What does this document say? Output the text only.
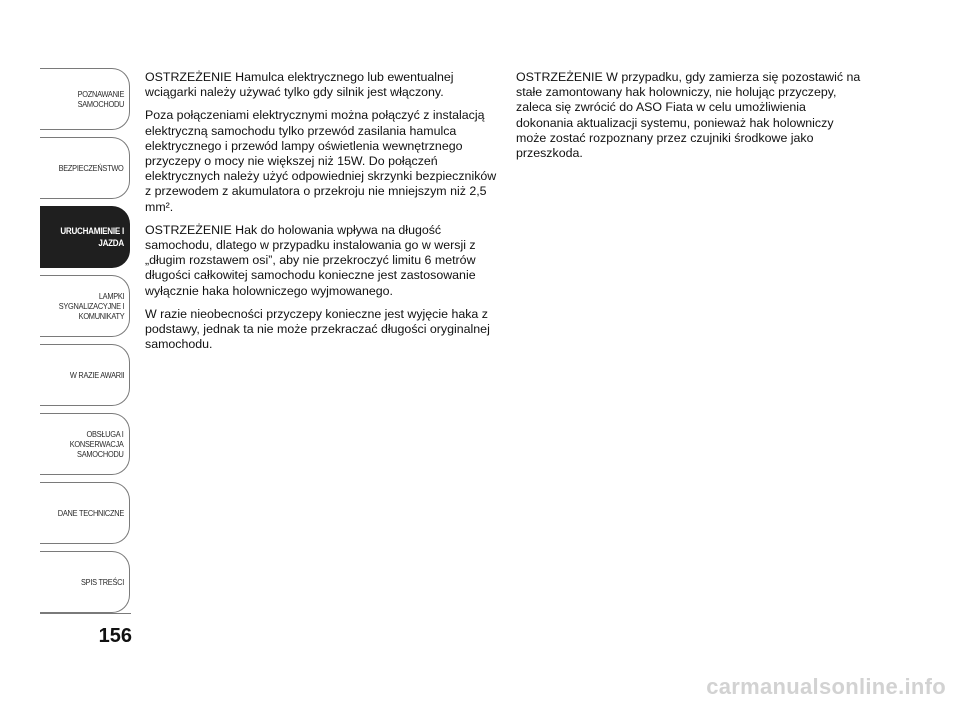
POZNAWANIE
SAMOCHODU
BEZPIECZEŃSTWO
URUCHAMIENIE I
JAZDA
LAMPKI
SYGNALIZACYJNE I
KOMUNIKATY
W RAZIE AWARII
OBSŁUGA I
KONSERWACJA
SAMOCHODU
DANE TECHNICZNE
SPIS TREŚCI
156

OSTRZEŻENIE Hamulca elektrycznego lub ewentualnej wciągarki należy używać tylko gdy silnik jest włączony.

Poza połączeniami elektrycznymi można połączyć z instalacją elektryczną samochodu tylko przewód zasilania hamulca elektrycznego i przewód lampy oświetlenia wewnętrznego przyczepy o mocy nie większej niż 15W. Do połączeń elektrycznych należy użyć odpowiedniej skrzynki bezpieczników z przewodem z akumulatora o przekroju nie mniejszym niż 2,5 mm².

OSTRZEŻENIE Hak do holowania wpływa na długość samochodu, dlatego w przypadku instalowania go w wersji z „długim rozstawem osi”, aby nie przekroczyć limitu 6 metrów długości całkowitej samochodu konieczne jest zastosowanie wyłącznie haka holowniczego wyjmowanego.

W razie nieobecności przyczepy konieczne jest wyjęcie haka z podstawy, jednak ta nie może przekraczać długości oryginalnej samochodu.

OSTRZEŻENIE W przypadku, gdy zamierza się pozostawić na stałe zamontowany hak holowniczy, nie holując przyczepy, zaleca się zwrócić do ASO Fiata w celu umożliwienia dokonania aktualizacji systemu, ponieważ hak holowniczy może zostać rozpoznany przez czujniki środkowe jako przeszkoda.

carmanualsonline.info
